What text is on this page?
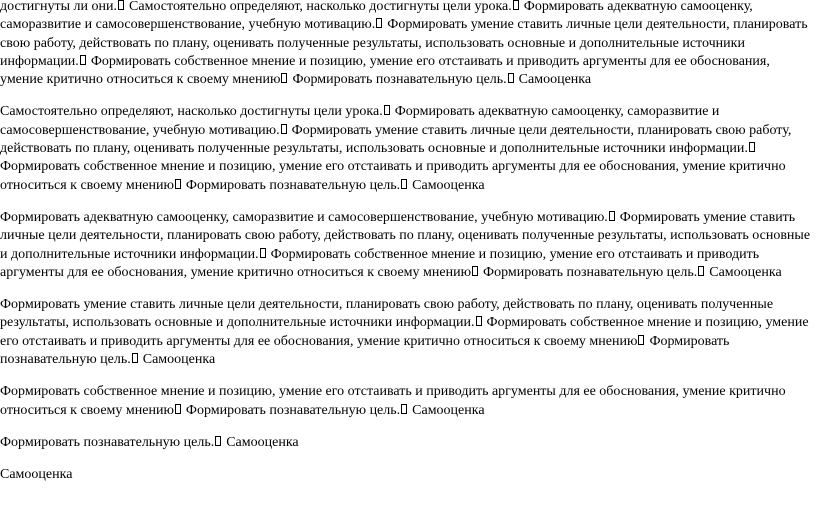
достигнуты ли они. Самостоятельно определяют, насколько достигнуты цели урока. Формировать адекватную самооценку, саморазвитие и самосовершенствование, учебную мотивацию. Формировать умение ставить личные цели деятельности, планировать свою работу, действовать по плану, оценивать полученные результаты, использовать основные и дополнительные источники информации. Формировать собственное мнение и позицию, умение его отстаивать и приводить аргументы для ее обоснования, умение критично относиться к своему мнению Формировать познавательную цель. Самооценка

Самостоятельно определяют, насколько достигнуты цели урока. Формировать адекватную самооценку, саморазвитие и самосовершенствование, учебную мотивацию. Формировать умение ставить личные цели деятельности, планировать свою работу, действовать по плану, оценивать полученные результаты, использовать основные и дополнительные источники информации.Формировать собственное мнение и позицию, умение его отстаивать и приводить аргументы для ее обоснования, умение критично относиться к своему мнению Формировать познавательную цель. Самооценка

Формировать адекватную самооценку, саморазвитие и самосовершенствование, учебную мотивацию. Формировать умение ставить личные цели деятельности, планировать свою работу, действовать по плану, оценивать полученные результаты, использовать основные и дополнительные источники информации. Формировать собственное мнение и позицию, умение его отстаивать и приводить аргументы для ее обоснования, умение критично относиться к своему мнению Формировать познавательную цель. Самооценка

Формировать умение ставить личные цели деятельности, планировать свою работу, действовать по плану, оценивать полученные результаты, использовать основные и дополнительные источники информации. Формировать собственное мнение и позицию, умение его отстаивать и приводить аргументы для ее обоснования, умение критично относиться к своему мнению Формировать познавательную цель. Самооценка

Формировать собственное мнение и позицию, умение его отстаивать и приводить аргументы для ее обоснования, умение критично относиться к своему мнению Формировать познавательную цель. Самооценка

Формировать познавательную цель. Самооценка

Самооценка
